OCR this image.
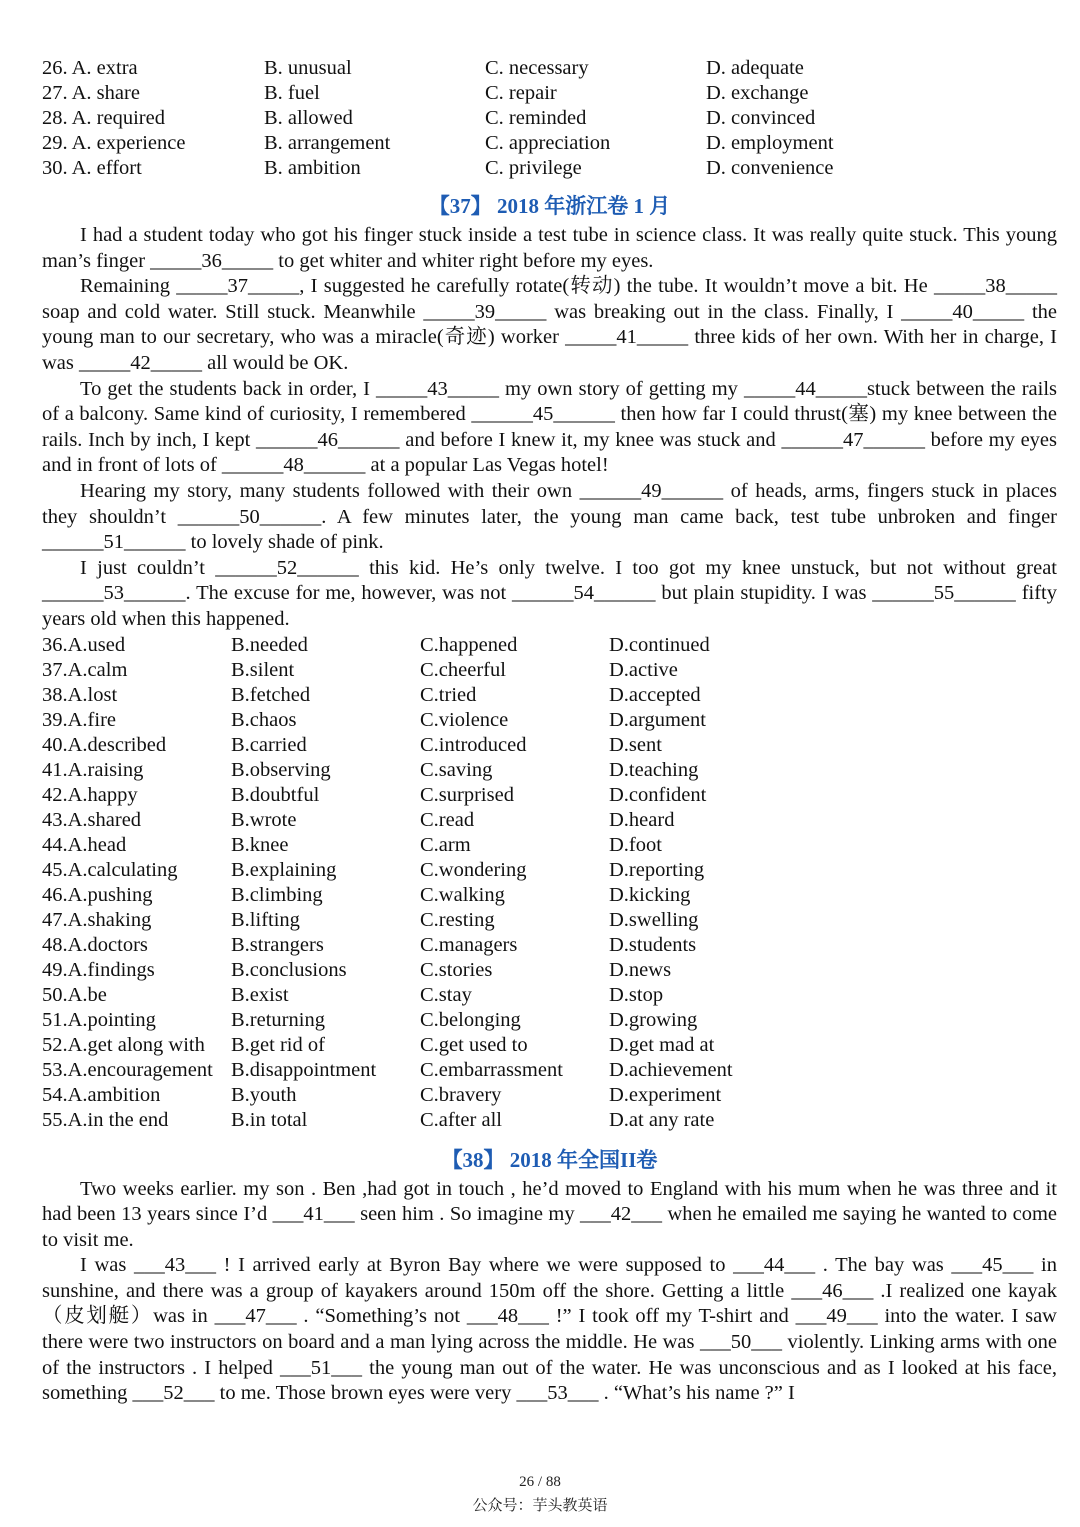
26. A. extra	B. unusual	C. necessary	D. adequate
27. A. share	B. fuel	C. repair	D. exchange
28. A. required	B. allowed	C. reminded	D. convinced
29. A. experience	B. arrangement	C. appreciation	D. employment
30. A. effort	B. ambition	C. privilege	D. convenience
【37】 2018 年浙江卷 1 月

I had a student today who got his finger stuck inside a test tube in science class. It was really quite stuck. This young man’s finger _____36_____ to get whiter and whiter right before my eyes.

Remaining _____37_____, I suggested he carefully rotate(转动) the tube. It wouldn’t move a bit. He _____38_____ soap and cold water. Still stuck. Meanwhile _____39_____ was breaking out in the class. Finally, I _____40_____ the young man to our secretary, who was a miracle(奇迹) worker _____41_____ three kids of her own. With her in charge, I was _____42_____ all would be OK.

To get the students back in order, I _____43_____ my own story of getting my _____44_____stuck between the rails of a balcony. Same kind of curiosity, I remembered ______45______ then how far I could thrust(塞) my knee between the rails. Inch by inch, I kept ______46______ and before I knew it, my knee was stuck and ______47______ before my eyes and in front of lots of ______48______ at a popular Las Vegas hotel!

Hearing my story, many students followed with their own ______49______ of heads, arms, fingers stuck in places they shouldn’t ______50______. A few minutes later, the young man came back, test tube unbroken and finger ______51______ to lovely shade of pink.

I just couldn’t ______52______ this kid. He’s only twelve. I too got my knee unstuck, but not without great ______53______. The excuse for me, however, was not ______54______ but plain stupidity. I was ______55______ fifty years old when this happened.

36.A.used	B.needed	C.happened	D.continued
37.A.calm	B.silent	C.cheerful	D.active
38.A.lost	B.fetched	C.tried	D.accepted
39.A.fire	B.chaos	C.violence	D.argument
40.A.described	B.carried	C.introduced	D.sent
41.A.raising	B.observing	C.saving	D.teaching
42.A.happy	B.doubtful	C.surprised	D.confident
43.A.shared	B.wrote	C.read	D.heard
44.A.head	B.knee	C.arm	D.foot
45.A.calculating	B.explaining	C.wondering	D.reporting
46.A.pushing	B.climbing	C.walking	D.kicking
47.A.shaking	B.lifting	C.resting	D.swelling
48.A.doctors	B.strangers	C.managers	D.students
49.A.findings	B.conclusions	C.stories	D.news
50.A.be	B.exist	C.stay	D.stop
51.A.pointing	B.returning	C.belonging	D.growing
52.A.get along with	B.get rid of	C.get used to	D.get mad at
53.A.encouragement	B.disappointment	C.embarrassment	D.achievement
54.A.ambition	B.youth	C.bravery	D.experiment
55.A.in the end	B.in total	C.after all	D.at any rate
【38】 2018 年全国II卷

Two weeks earlier. my son . Ben ,had got in touch , he’d moved to England with his mum when he was three and it had been 13 years since I’d ___41___ seen him . So imagine my ___42___ when he emailed me saying he wanted to come to visit me.

I was ___43___ ! I arrived early at Byron Bay where we were supposed to ___44___ . The bay was ___45___ in sunshine, and there was a group of kayakers around 150m off the shore. Getting a little ___46___ .I realized one kayak（皮划艇）was in ___47___ . “Something’s not ___48___ !” I took off my T-shirt and ___49___ into the water. I saw there were two instructors on board and a man lying across the middle. He was ___50___ violently. Linking arms with one of the instructors . I helped ___51___ the young man out of the water. He was unconscious and as I looked at his face, something ___52___ to me. Those brown eyes were very ___53___ . “What’s his name ?” I

26 / 88
公众号：芋头教英语
